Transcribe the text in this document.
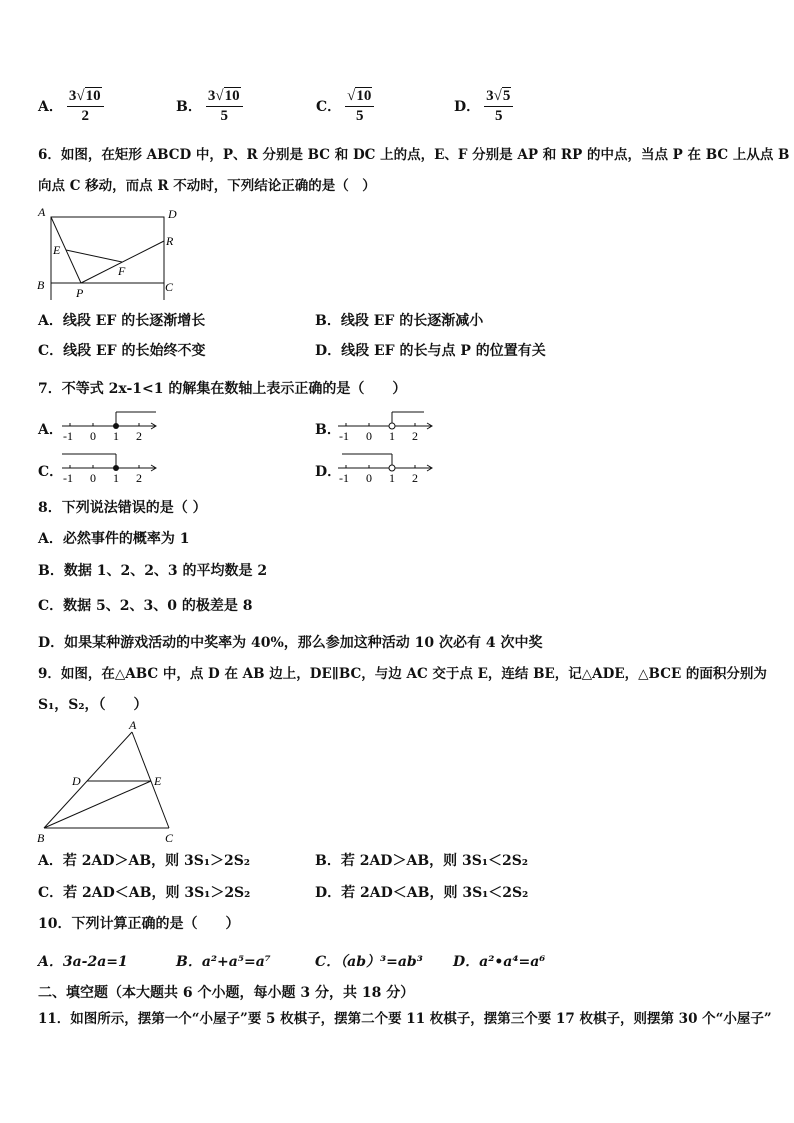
A． $\frac{3√10}{2}$	B． $\frac{3√10}{5}$	C． $\frac{√10}{5}$	D． $\frac{3√5}{5}$
6．如图，在矩形 ABCD 中，P、R 分别是 BC 和 DC 上的点，E、F 分别是 AP 和 RP 的中点，当点 P 在 BC 上从点 B
向点 C 移动，而点 R 不动时，下列结论正确的是（　）
A	D
E
R
F
B
P	C
A．线段 EF 的长逐渐增长	B．线段 EF 的长逐渐减小
C．线段 EF 的长始终不变	D．线段 EF 的长与点 P 的位置有关
7．不等式 2x-1<1 的解集在数轴上表示正确的是（　　）
A． -1 0 1 2	B．
-1 0 1 2
C． -1 0 1 2	D．
-1 0 1 2
8．下列说法错误的是（ ）
A．必然事件的概率为 1
B．数据 1、2、2、3 的平均数是 2
C．数据 5、2、3、0 的极差是 8
D．如果某种游戏活动的中奖率为 40%，那么参加这种活动 10 次必有 4 次中奖
9．如图，在△ABC 中，点 D 在 AB 边上，DE∥BC，与边 AC 交于点 E，连结 BE，记△ADE，△BCE 的面积分别为
S₁，S₂，（　　）
A
D	E
B	C
A．若 2AD＞AB，则 3S₁＞2S₂	B．若 2AD＞AB，则 3S₁＜2S₂
C．若 2AD＜AB，则 3S₁＞2S₂	D．若 2AD＜AB，则 3S₁＜2S₂
10．下列计算正确的是（　　）
A．3a-2a=1	B．a²+a⁵=a⁷	C．（ab）³=ab³ D．a²•a⁴=a⁶
二、填空题（本大题共 6 个小题，每小题 3 分，共 18 分）
11．如图所示，摆第一个“小屋子”要 5 枚棋子，摆第二个要 11 枚棋子，摆第三个要 17 枚棋子，则摆第 30 个“小屋子”
